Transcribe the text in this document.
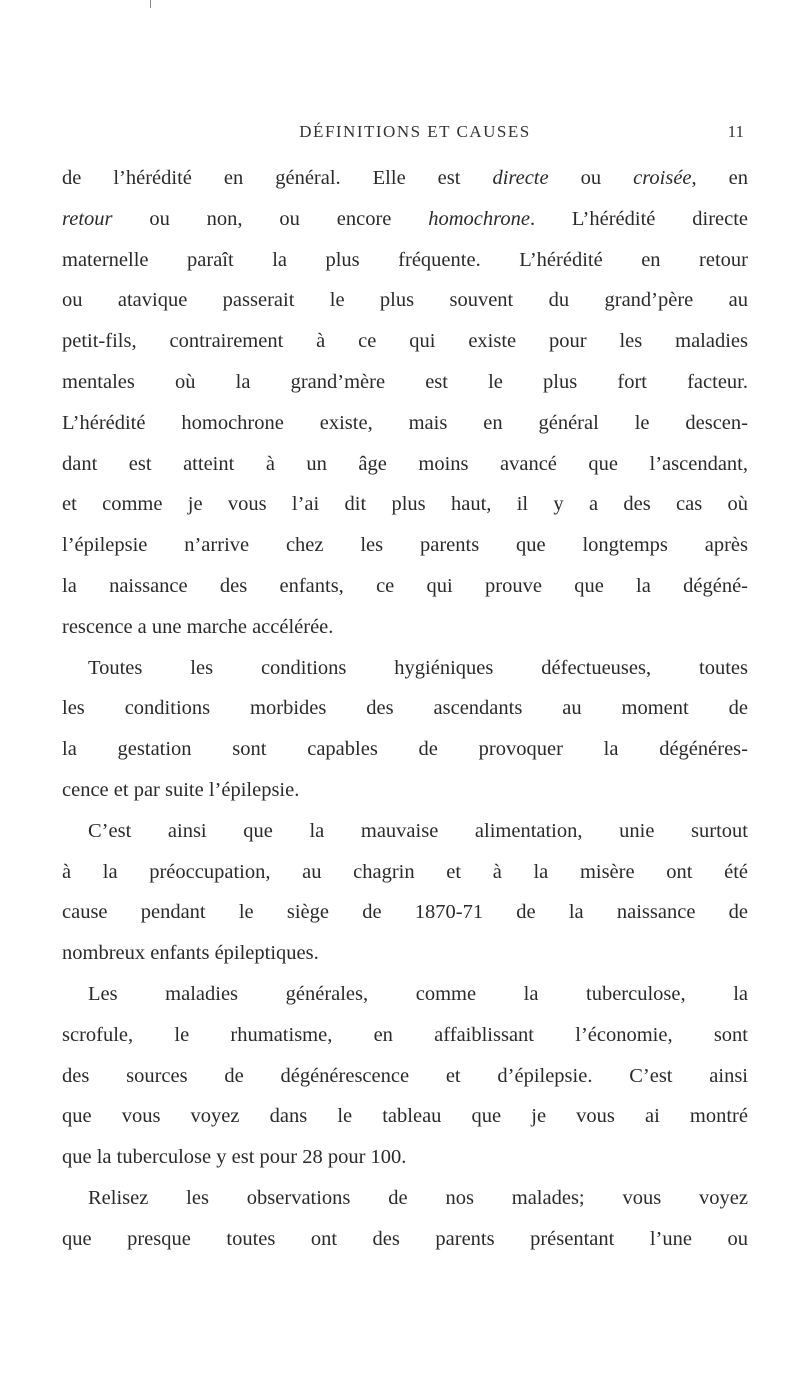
DÉFINITIONS ET CAUSES	11
de l’hérédité en général. Elle est directe ou croisée, en
retour ou non, ou encore homochrone. L’hérédité directe
maternelle paraît la plus fréquente. L’hérédité en retour
ou atavique passerait le plus souvent du grand’père au
petit-fils, contrairement à ce qui existe pour les maladies
mentales où la grand’mère est le plus fort facteur.
L’hérédité homochrone existe, mais en général le descen-
dant est atteint à un âge moins avancé que l’ascendant,
et comme je vous l’ai dit plus haut, il y a des cas où
l’épilepsie n’arrive chez les parents que longtemps après
la naissance des enfants, ce qui prouve que la dégéné-
rescence a une marche accélérée.
Toutes les conditions hygiéniques défectueuses, toutes
les conditions morbides des ascendants au moment de
la gestation sont capables de provoquer la dégénéres-
cence et par suite l’épilepsie.
C’est ainsi que la mauvaise alimentation, unie surtout
à la préoccupation, au chagrin et à la misère ont été
cause pendant le siège de 1870-71 de la naissance de
nombreux enfants épileptiques.
Les maladies générales, comme la tuberculose, la
scrofule, le rhumatisme, en affaiblissant l’économie, sont
des sources de dégénérescence et d’épilepsie. C’est ainsi
que vous voyez dans le tableau que je vous ai montré
que la tuberculose y est pour 28 pour 100.
Relisez les observations de nos malades; vous voyez
que presque toutes ont des parents présentant l’une ou
